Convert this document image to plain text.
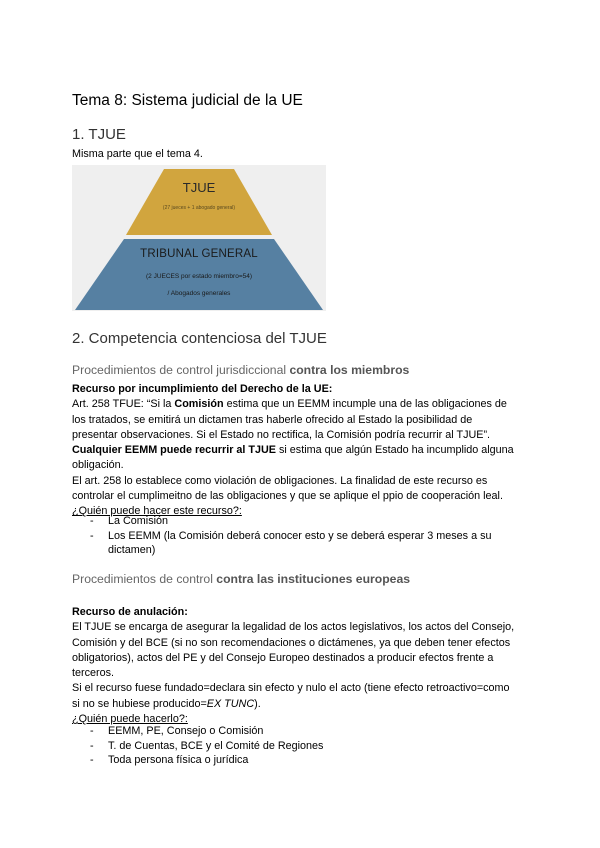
Tema 8: Sistema judicial de la UE
1. TJUE
Misma parte que el tema 4.
TJUE
(27 jueces + 1 abogado general)
TRIBUNAL GENERAL
(2 JUECES por estado miembro=54)
/ Abogados generales
2. Competencia contenciosa del TJUE
Procedimientos de control jurisdiccional contra los miembros
Recurso por incumplimiento del Derecho de la UE:
Art. 258 TFUE: “Si la Comisión estima que un EEMM incumple una de las obligaciones de
los tratados, se emitirá un dictamen tras haberle ofrecido al Estado la posibilidad de
presentar observaciones. Si el Estado no rectifica, la Comisión podría recurrir al TJUE”.
Cualquier EEMM puede recurrir al TJUE si estima que algún Estado ha incumplido alguna
obligación.
El art. 258 lo establece como violación de obligaciones. La finalidad de este recurso es
controlar el cumplimeitno de las obligaciones y que se aplique el ppio de cooperación leal.
¿Quién puede hacer este recurso?:
- La Comisión
- Los EEMM (la Comisión deberá conocer esto y se deberá esperar 3 meses a su
dictamen)
Procedimientos de control contra las instituciones europeas
Recurso de anulación:
El TJUE se encarga de asegurar la legalidad de los actos legislativos, los actos del Consejo,
Comisión y del BCE (si no son recomendaciones o dictámenes, ya que deben tener efectos
obligatorios), actos del PE y del Consejo Europeo destinados a producir efectos frente a
terceros.
Si el recurso fuese fundado=declara sin efecto y nulo el acto (tiene efecto retroactivo=como
si no se hubiese producido=EX TUNC).
¿Quién puede hacerlo?:
- EEMM, PE, Consejo o Comisión
- T. de Cuentas, BCE y el Comité de Regiones
- Toda persona física o jurídica
